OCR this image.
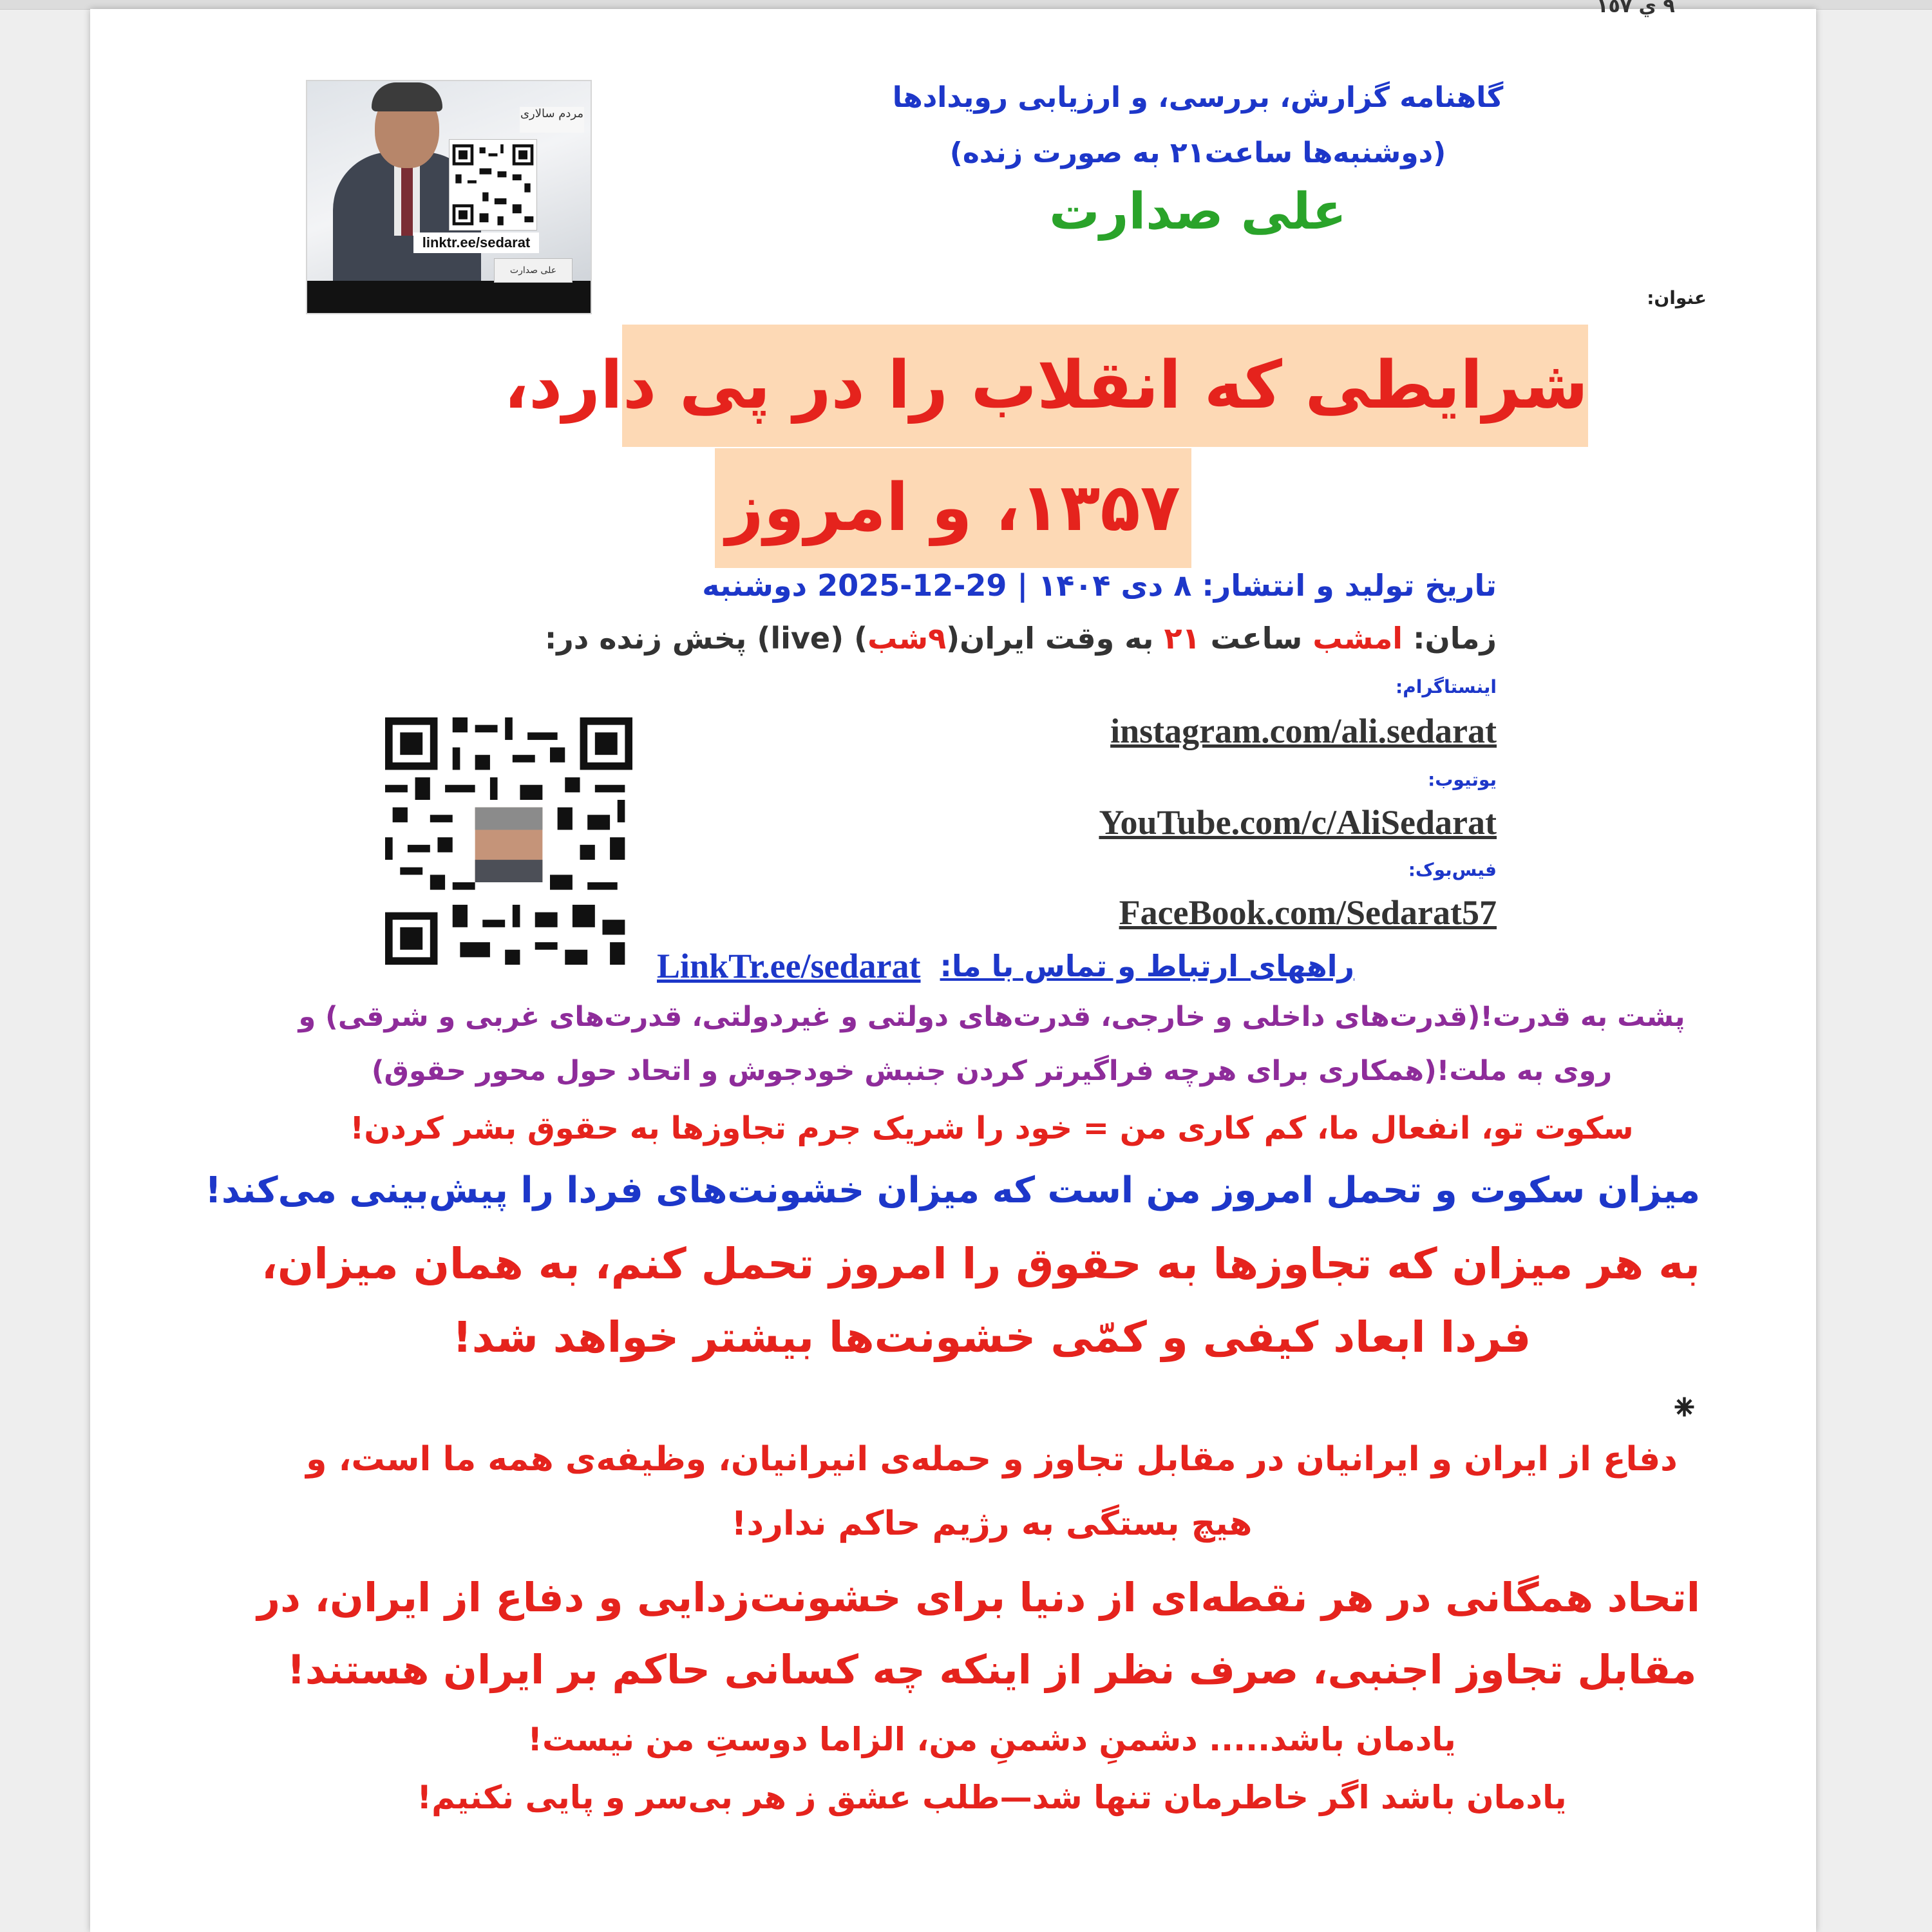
٩ ي ١٥٧
مردم سالاری
linktr.ee/sedarat
علی صدارت
گاهنامه گزارش، بررسی، و ارزیابی رویدادها
(دوشنبه‌ها ساعت۲۱ به صورت زنده)
علی صدارت
عنوان:
شرایطی که انقلاب را در پی دارد،
۱۳۵۷، و امروز
تاریخ تولید و انتشار: ۸ دی ۱۴۰۴ | 29-12-2025 دوشنبه
زمان: امشب ساعت ۲۱ به وقت ایران(۹شب) (live) پخش زنده در:
اینستاگرام:
instagram.com/ali.sedarat
یوتیوب:
YouTube.com/c/AliSedarat
فیس‌بوک:
FaceBook.com/Sedarat57
راههای ارتباط و تماس با ما:
LinkTr.ee/sedarat
پشت به قدرت!(قدرت‌های داخلی و خارجی، قدرت‌های دولتی و غیردولتی، قدرت‌های غربی و شرقی) و
روی به ملت!(همکاری برای هرچه فراگیرتر کردن جنبش خودجوش و اتحاد حول محور حقوق)
سکوت تو، انفعال ما، کم کاری من = خود را شریک جرم تجاوزها به حقوق بشر کردن!
میزان سکوت و تحمل امروز من است که میزان خشونت‌های فردا را پیش‌بینی می‌کند!
به هر میزان که تجاوزها به حقوق را امروز تحمل کنم، به همان میزان،
فردا ابعاد کیفی و کمّی خشونت‌ها بیشتر خواهد شد!
⁕
دفاع از ایران و ایرانیان در مقابل تجاوز و حمله‌ی انیرانیان، وظیفه‌ی همه ما است، و
هیچ بستگی به رژیم حاکم ندارد!
اتحاد همگانی در هر نقطه‌ای از دنیا برای خشونت‌زدایی و دفاع از ایران، در
مقابل تجاوز اجنبی، صرف نظر از اینکه چه کسانی حاکم بر ایران هستند!
یادمان باشد..... دشمنِ دشمنِ من، الزاما دوستِ من نیست!
یادمان باشد اگر خاطرمان تنها شد—طلب عشق ز هر بی‌سر و پایی نکنیم!
